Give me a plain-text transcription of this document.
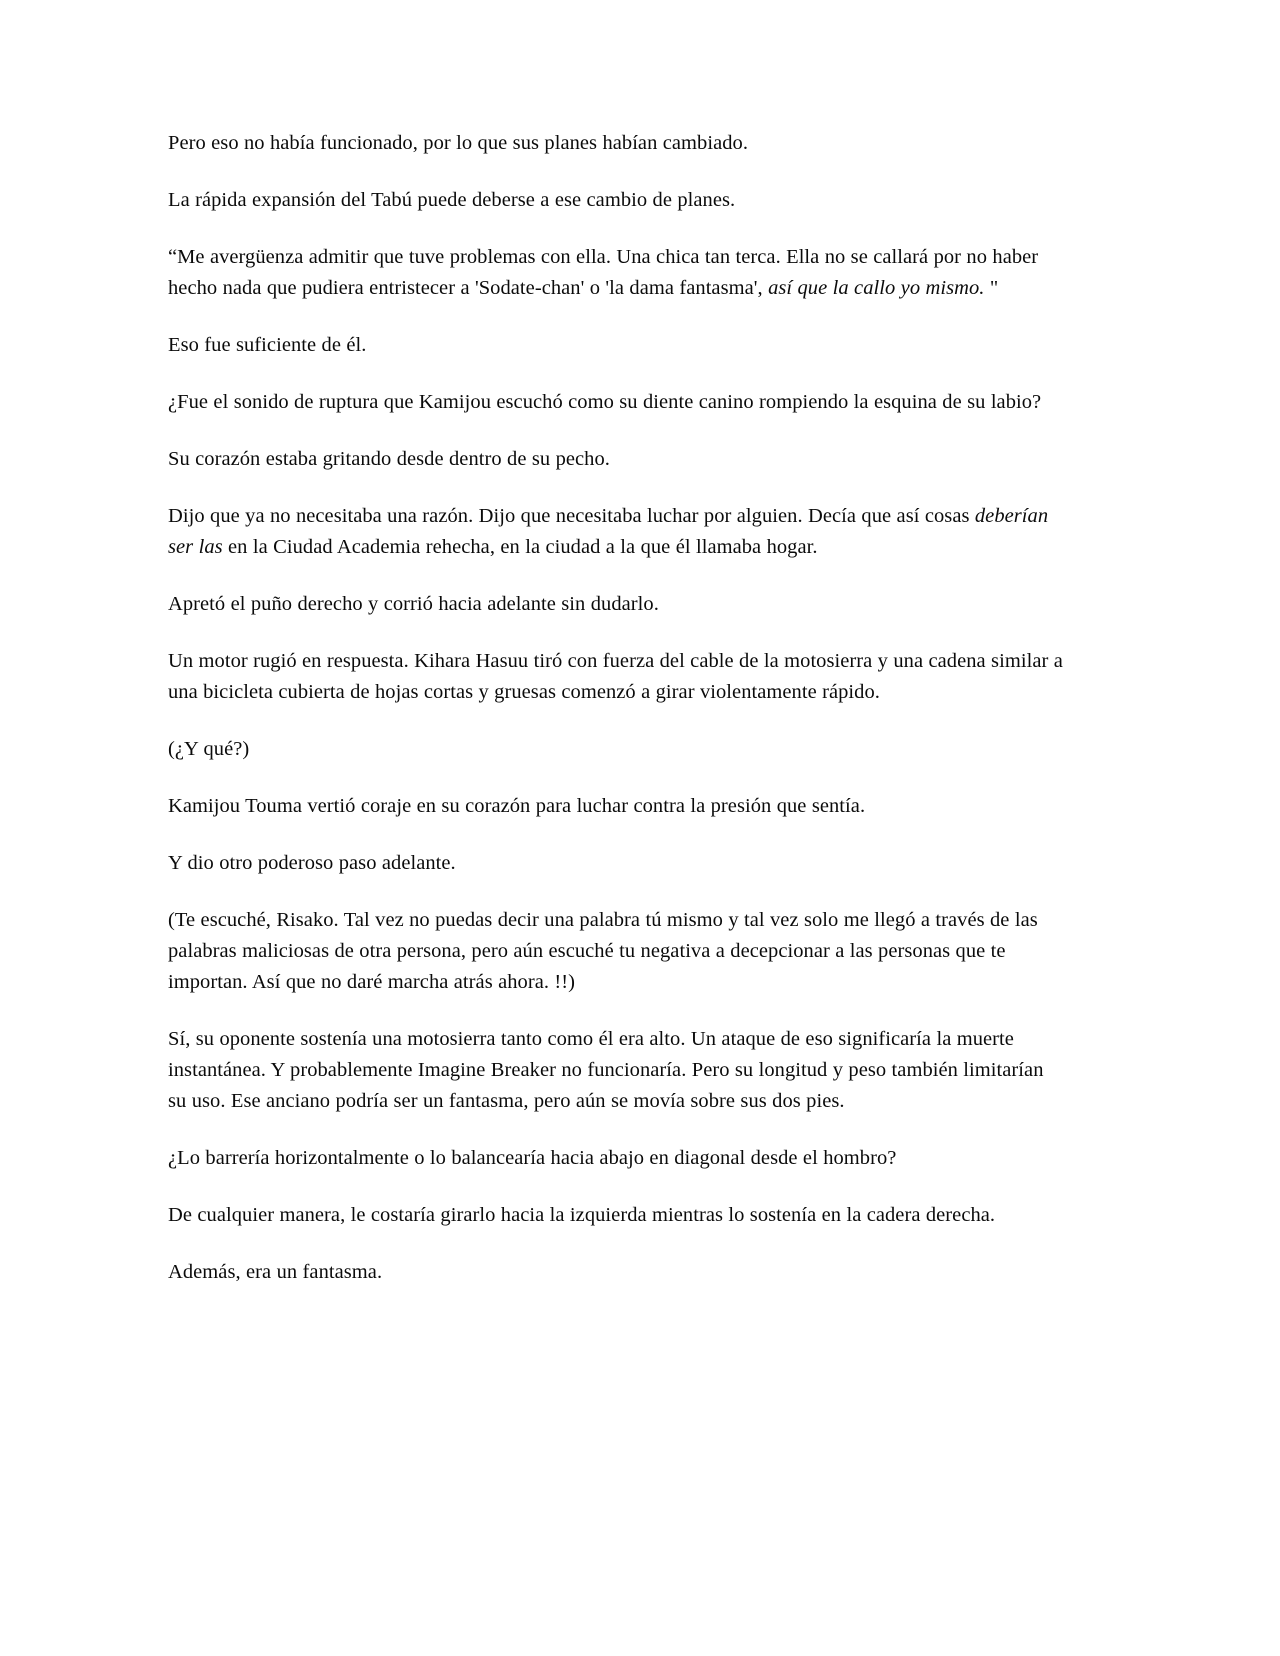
Pero eso no había funcionado, por lo que sus planes habían cambiado.

La rápida expansión del Tabú puede deberse a ese cambio de planes.

“Me avergüenza admitir que tuve problemas con ella. Una chica tan terca. Ella no se callará por no haber hecho nada que pudiera entristecer a 'Sodate-chan' o 'la dama fantasma', así que la callo yo mismo. "

Eso fue suficiente de él.

¿Fue el sonido de ruptura que Kamijou escuchó como su diente canino rompiendo la esquina de su labio?

Su corazón estaba gritando desde dentro de su pecho.

Dijo que ya no necesitaba una razón. Dijo que necesitaba luchar por alguien. Decía que así cosas deberían ser las en la Ciudad Academia rehecha, en la ciudad a la que él llamaba hogar.

Apretó el puño derecho y corrió hacia adelante sin dudarlo.

Un motor rugió en respuesta. Kihara Hasuu tiró con fuerza del cable de la motosierra y una cadena similar a una bicicleta cubierta de hojas cortas y gruesas comenzó a girar violentamente rápido.

(¿Y qué?)

Kamijou Touma vertió coraje en su corazón para luchar contra la presión que sentía.

Y dio otro poderoso paso adelante.

(Te escuché, Risako. Tal vez no puedas decir una palabra tú mismo y tal vez solo me llegó a través de las palabras maliciosas de otra persona, pero aún escuché tu negativa a decepcionar a las personas que te importan. Así que no daré marcha atrás ahora. !!)

Sí, su oponente sostenía una motosierra tanto como él era alto. Un ataque de eso significaría la muerte instantánea. Y probablemente Imagine Breaker no funcionaría. Pero su longitud y peso también limitarían su uso. Ese anciano podría ser un fantasma, pero aún se movía sobre sus dos pies.

¿Lo barrería horizontalmente o lo balancearía hacia abajo en diagonal desde el hombro?

De cualquier manera, le costaría girarlo hacia la izquierda mientras lo sostenía en la cadera derecha.

Además, era un fantasma.
